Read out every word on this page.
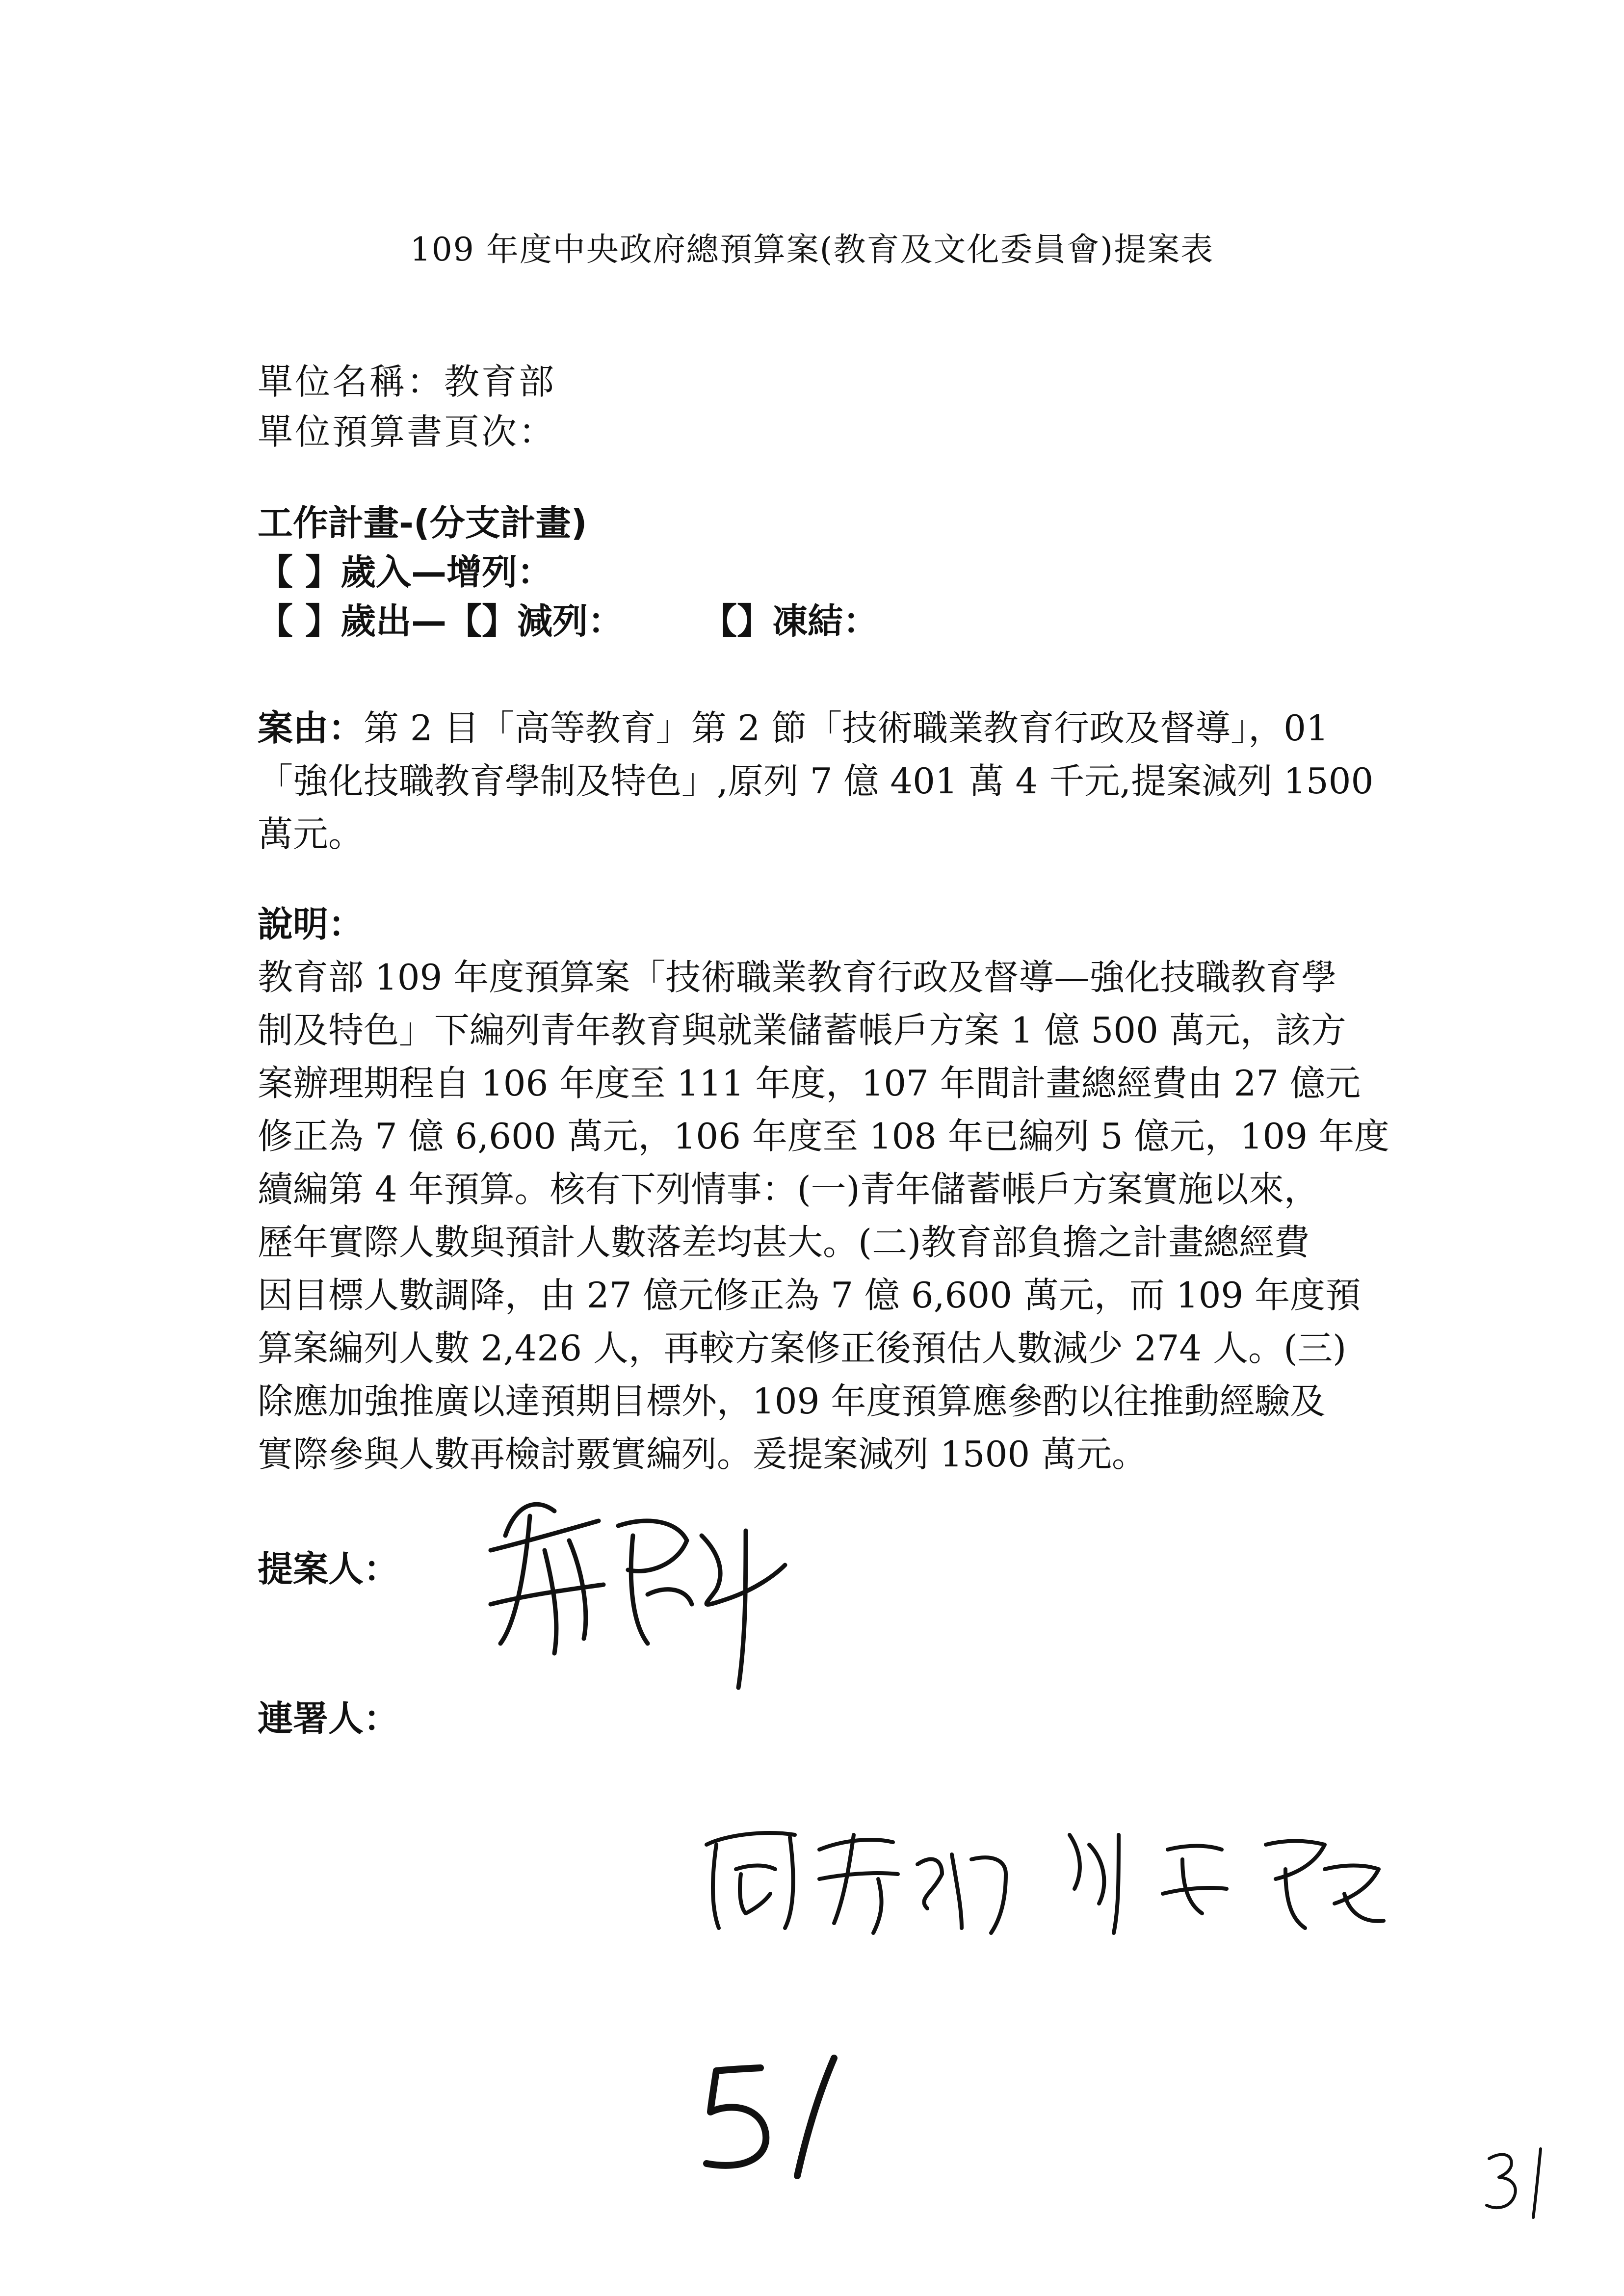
109 年度中央政府總預算案(教育及文化委員會)提案表
單位名稱：教育部
單位預算書頁次：
工作計畫-(分支計畫)
【 】歲入—增列：
【 】歲出—【】減列： 【】凍結：
案由：第 2 目「高等教育」第 2 節「技術職業教育行政及督導」，01
「強化技職教育學制及特色」,原列 7 億 401 萬 4 千元,提案減列 1500
萬元。
說明：
教育部 109 年度預算案「技術職業教育行政及督導—強化技職教育學
制及特色」下編列青年教育與就業儲蓄帳戶方案 1 億 500 萬元，該方
案辦理期程自 106 年度至 111 年度，107 年間計畫總經費由 27 億元
修正為 7 億 6,600 萬元，106 年度至 108 年已編列 5 億元，109 年度
續編第 4 年預算。核有下列情事：(一)青年儲蓄帳戶方案實施以來，
歷年實際人數與預計人數落差均甚大。(二)教育部負擔之計畫總經費
因目標人數調降，由 27 億元修正為 7 億 6,600 萬元，而 109 年度預
算案編列人數 2,426 人，再較方案修正後預估人數減少 274 人。(三)
除應加強推廣以達預期目標外，109 年度預算應參酌以往推動經驗及
實際參與人數再檢討覈實編列。爰提案減列 1500 萬元。
提案人：
連署人：
